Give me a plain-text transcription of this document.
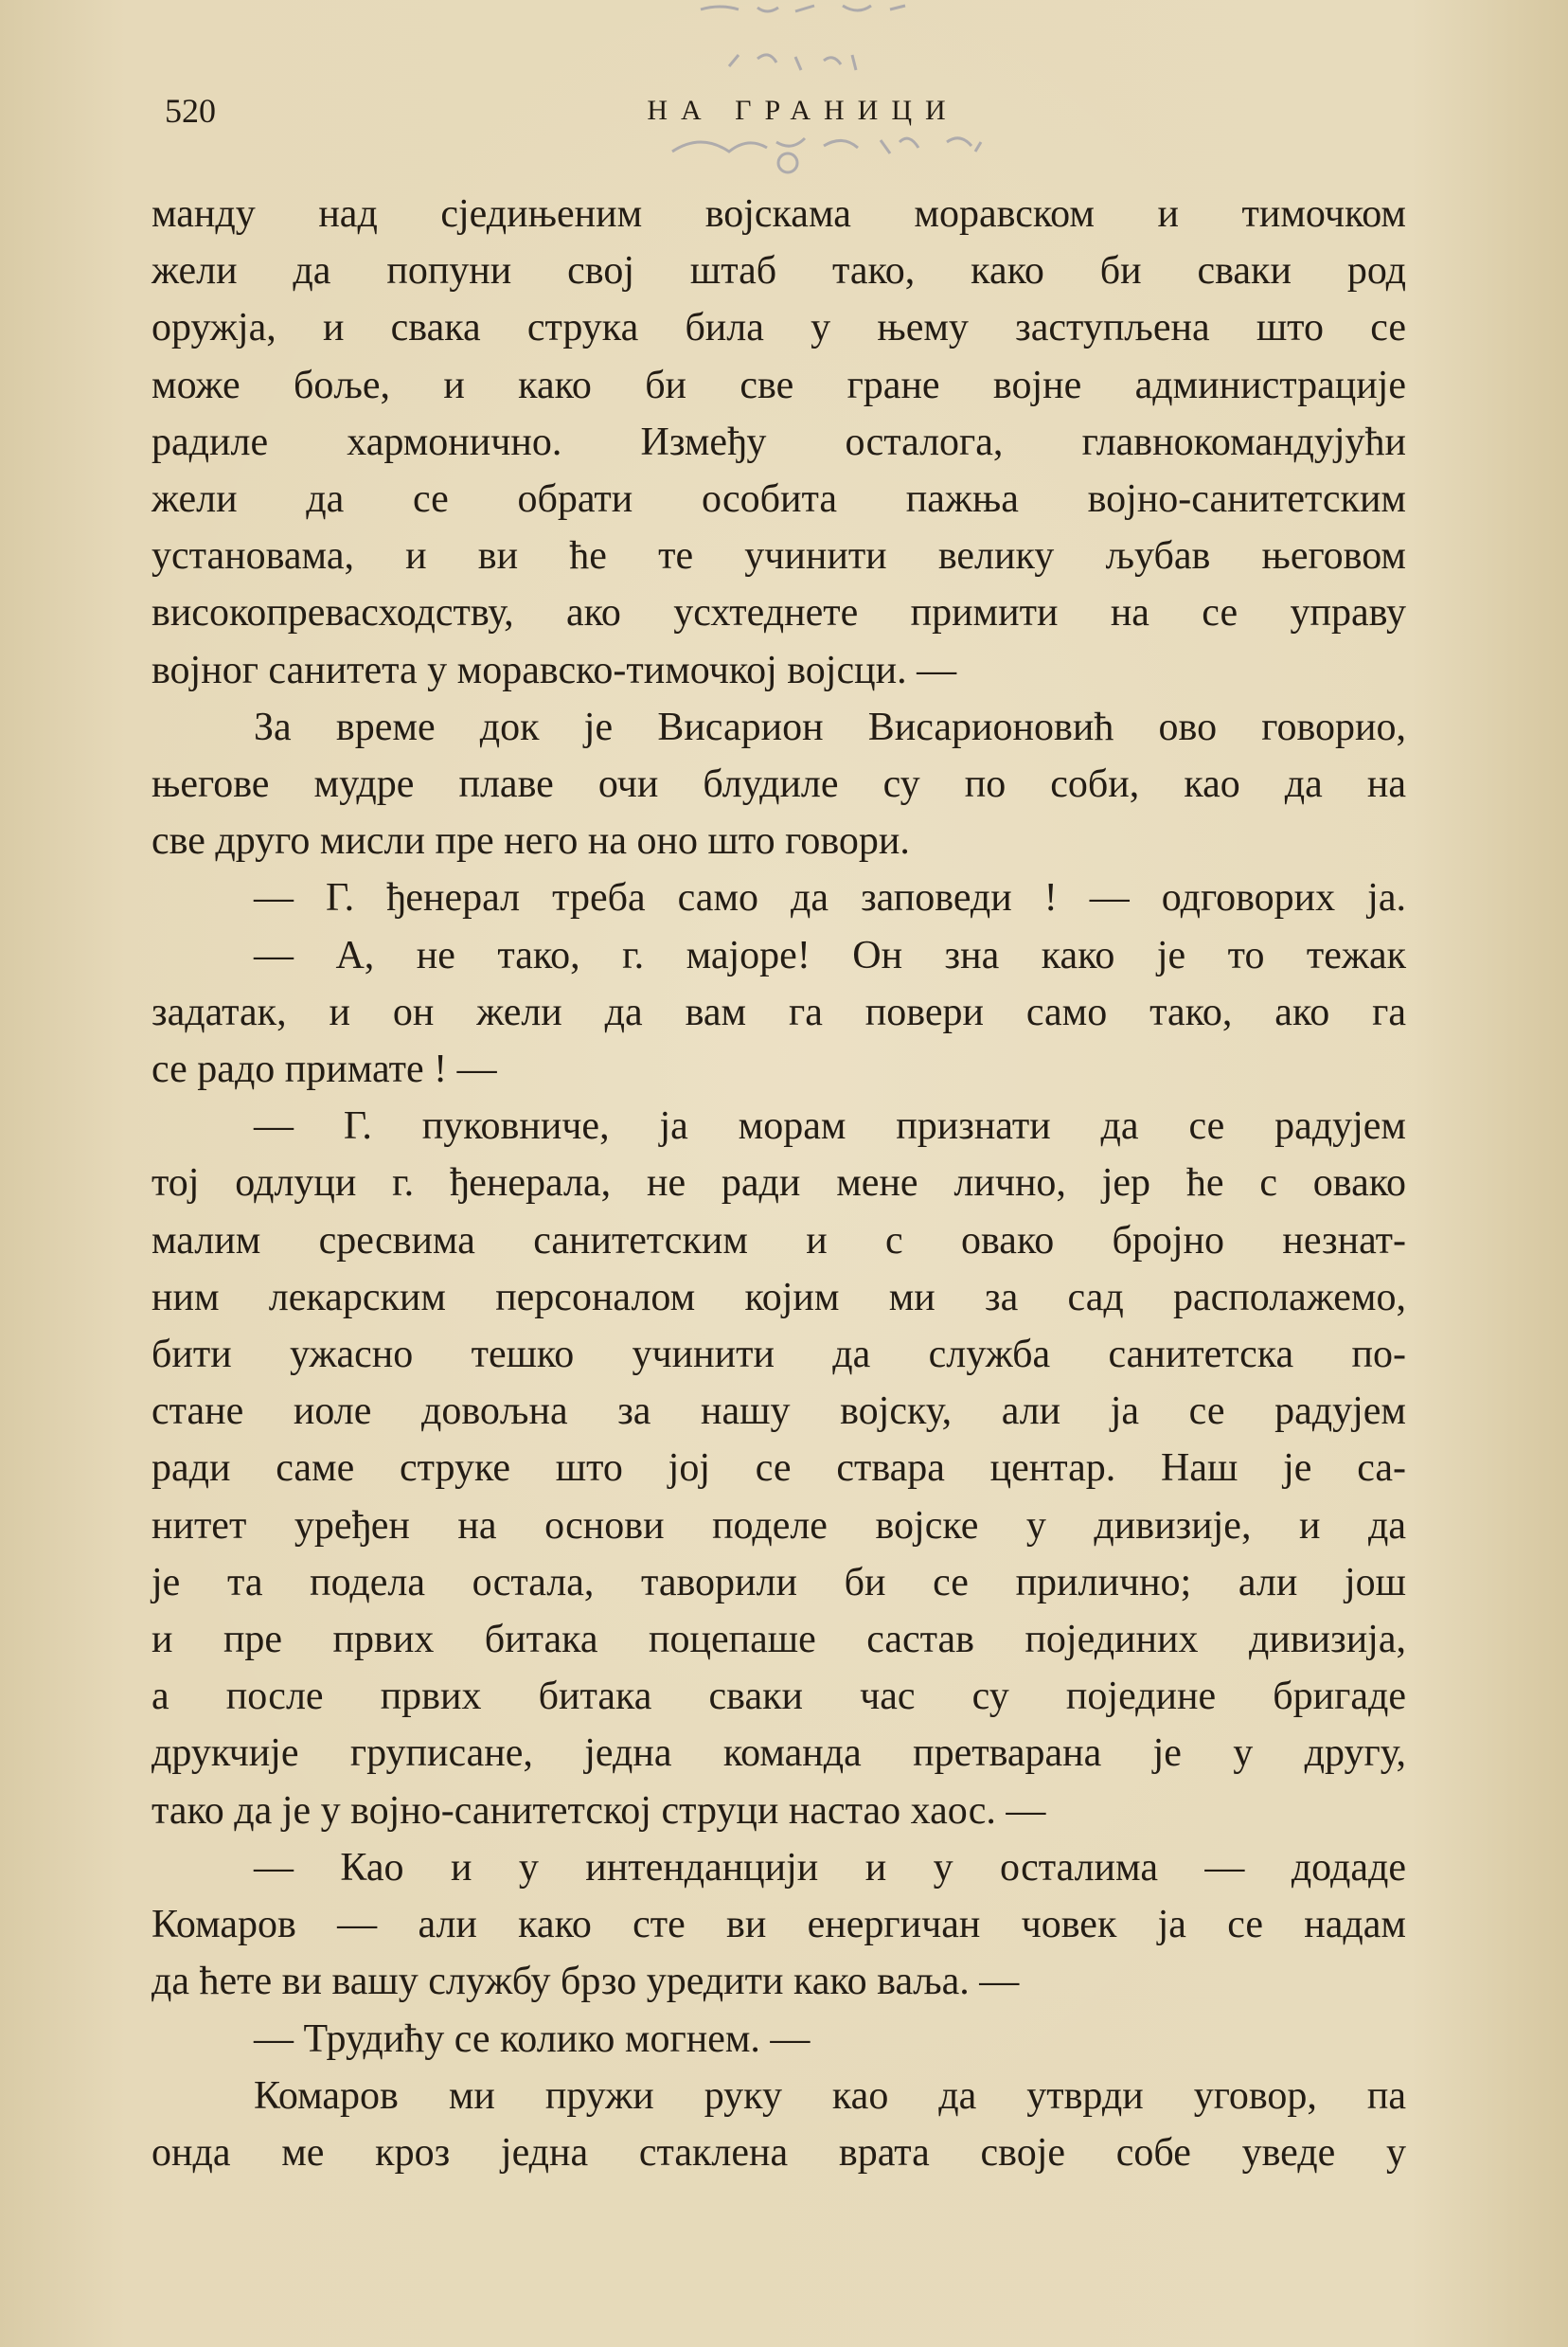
520	НА ГРАНИЦИ

манду над сједињеним војскама моравском и тимочком

жели да попуни свој штаб тако, како би сваки род

оружја, и свака струка била у њему заступљена што се

може боље, и како би све гране војне администрације

радиле хармонично. Између осталога, главнокомандујући

жели да се обрати особита пажња војно-санитетским

установама, и ви ће те учинити велику љубав његовом

високопревасходству, ако усхтеднете примити на се управу

војног санитета у моравско-тимочкој војсци. —

За време док је Висарион Висарионовић ово говорио,

његове мудре плаве очи блудиле су по соби, као да на

све друго мисли пре него на оно што говори.

— Г. ђенерал треба само да заповеди ! — одговорих ја.

— А, не тако, г. мајоре! Он зна како је то тежак

задатак, и он жели да вам га повери само тако, ако га

се радо примате ! —

— Г. пуковниче, ја морам признати да се радујем

тој одлуци г. ђенерала, не ради мене лично, јер ће с овако

малим сресвима санитетским и с овако бројно незнат-

ним лекарским персоналом којим ми за сад располажемо,

бити ужасно тешко учинити да служба санитетска по-

стане иоле довољна за нашу војску, али ја се радујем

ради саме струке што јој се ствара центар. Наш је са-

нитет уређен на основи поделе војске у дивизије, и да

је та подела остала, таворили би се прилично; али још

и пре првих битака поцепаше састав појединих дивизија,

а после првих битака сваки час су поједине бригаде

друкчије груписане, једна команда претварана је у другу,

тако да је у војно-санитетској струци настао хаос. —

— Као и у интенданцији и у осталима — додаде

Комаров — али како сте ви енергичан човек ја се надам

да ћете ви вашу службу брзо уредити како ваља. —

— Трудићу се колико могнем. —

Комаров ми пружи руку као да утврди уговор, па

онда ме кроз једна стаклена врата своје собе уведе у
